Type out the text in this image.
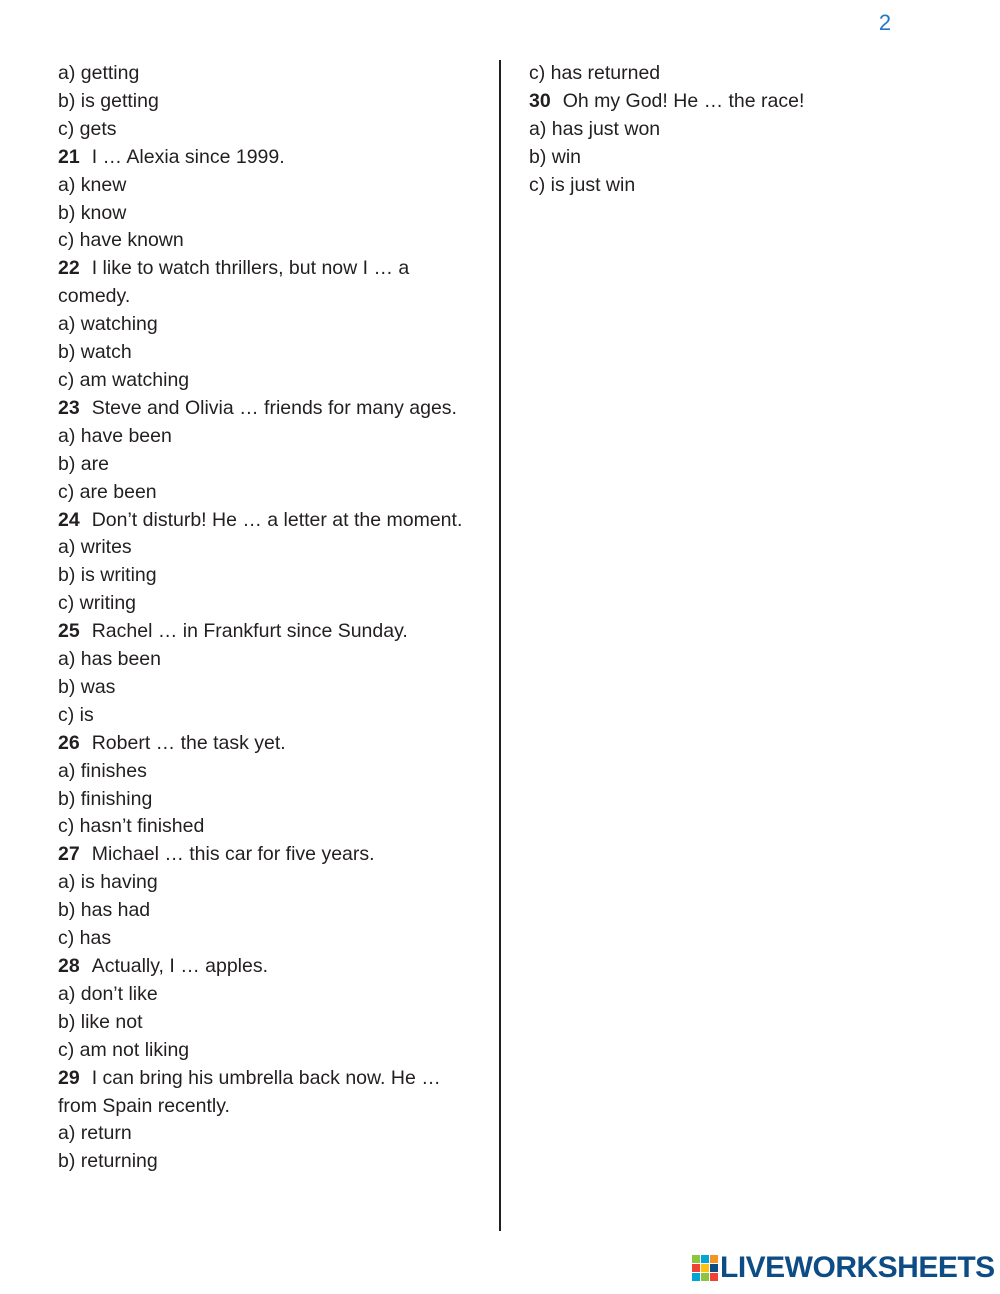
2
a) getting
b) is getting
c) gets
21 I … Alexia since 1999.
a) knew
b) know
c) have known
22 I like to watch thrillers, but now I … a comedy.
a) watching
b) watch
c) am watching
23 Steve and Olivia … friends for many ages.
a) have been
b) are
c) are been
24 Don’t disturb! He … a letter at the moment.
a) writes
b) is writing
c) writing
25 Rachel … in Frankfurt since Sunday.
a) has been
b) was
c) is
26 Robert … the task yet.
a) finishes
b) finishing
c) hasn’t finished
27 Michael … this car for five years.
a) is having
b) has had
c) has
28 Actually, I … apples.
a) don’t like
b) like not
c) am not liking
29 I can bring his umbrella back now. He … from Spain recently.
a) return
b) returning
c) has returned
30 Oh my God! He … the race!
a) has just won
b) win
c) is just win
LIVEWORKSHEETS
